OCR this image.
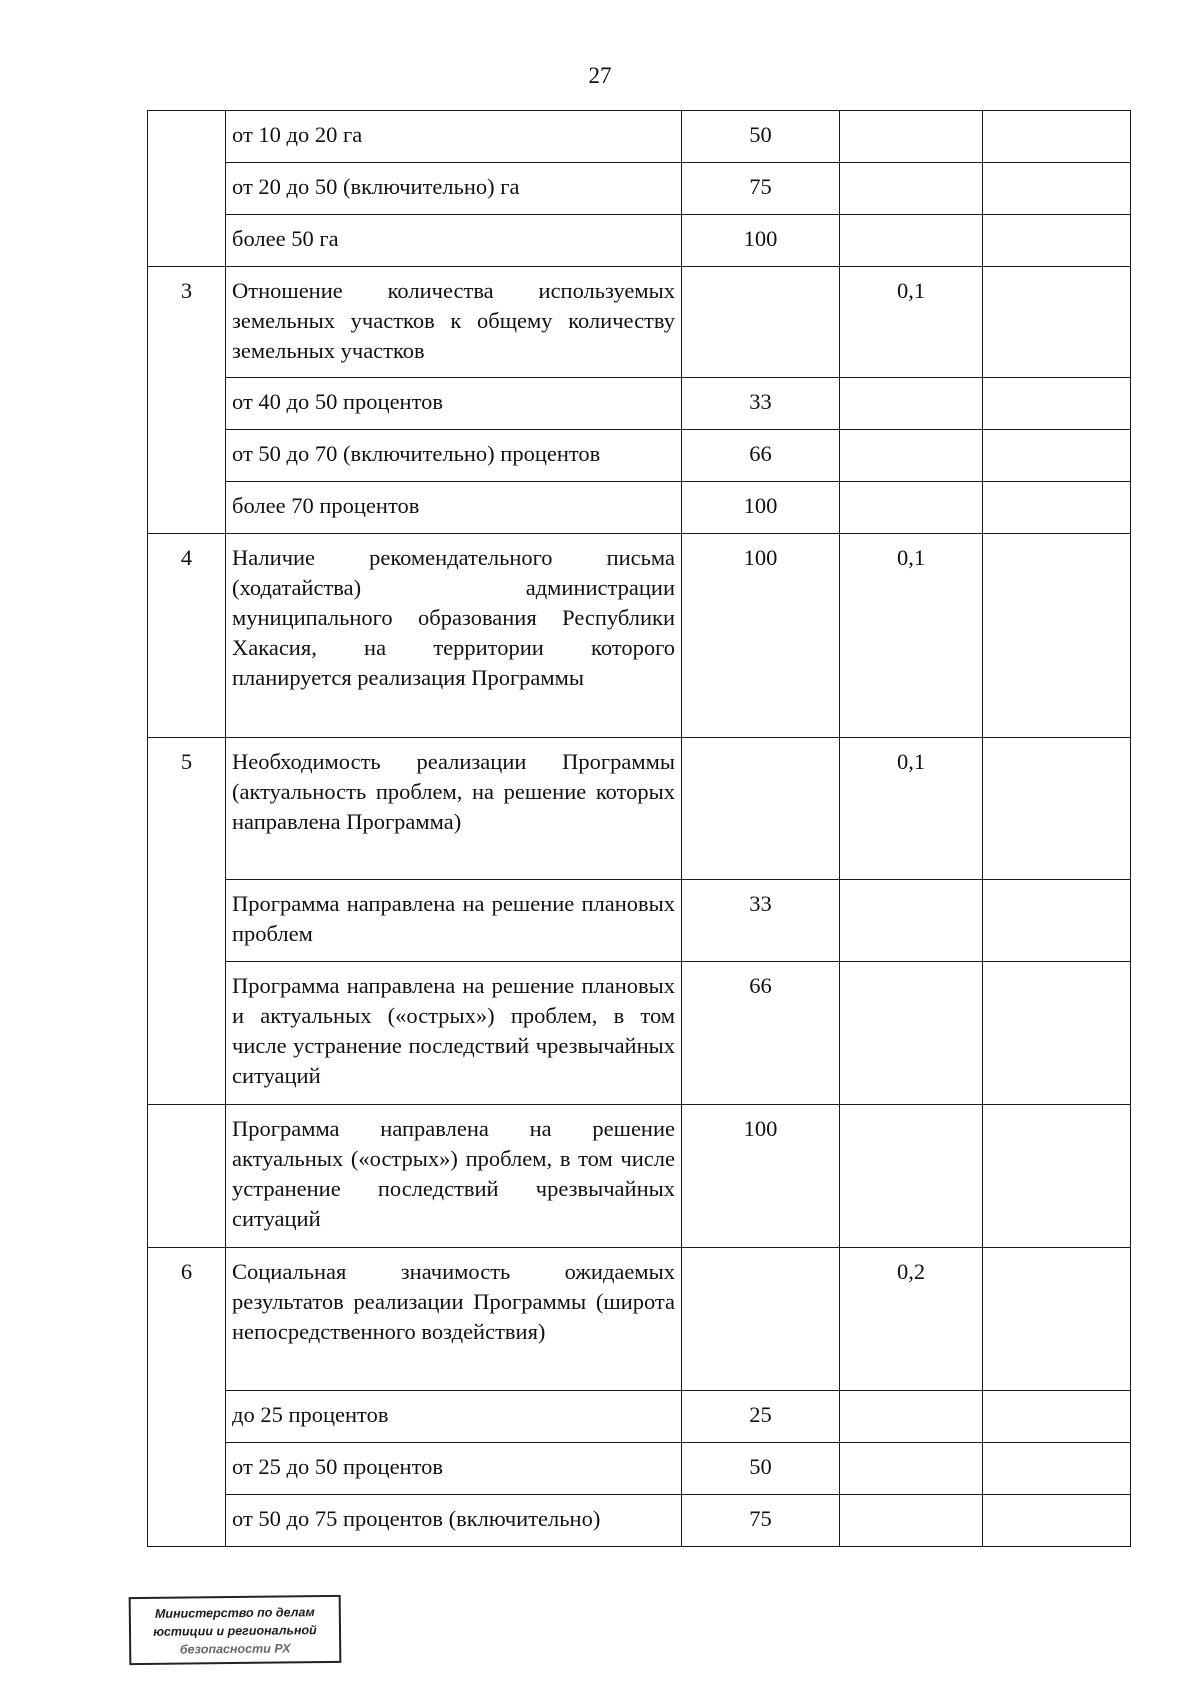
27
	от 10 до 20 га	50		
	от 20 до 50 (включительно) га	75		
	более 50 га	100		
3	Отношение количества используемых земельных участков к общему количеству земельных участков		0,1	
	от 40 до 50 процентов	33		
	от 50 до 70 (включительно) процентов	66		
	более 70 процентов	100		
4	Наличие рекомендательного письма (ходатайства) администрации муниципального образования Республики Хакасия, на территории которого планируется реализация Программы	100	0,1	
5	Необходимость реализации Программы (актуальность проблем, на решение которых направлена Программа)		0,1	
	Программа направлена на решение плановых проблем	33		
	Программа направлена на решение плановых и актуальных («острых») проблем, в том числе устранение последствий чрезвычайных ситуаций	66		
	Программа направлена на решение актуальных («острых») проблем, в том числе устранение последствий чрезвычайных ситуаций	100		
6	Социальная значимость ожидаемых результатов реализации Программы (широта непосредственного воздействия)		0,2	
	до 25 процентов	25		
	от 25 до 50 процентов	50		
	от 50 до 75 процентов (включительно)	75		
Министерство по делам
юстиции и региональной
безопасности РХ
